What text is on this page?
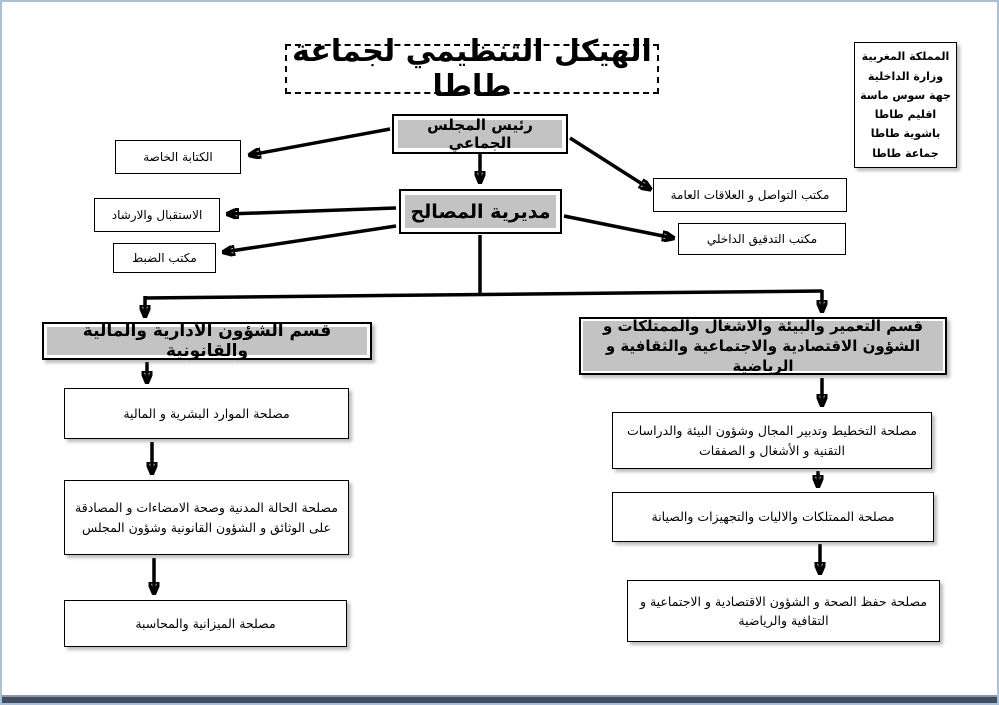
الهيكل التنظيمي لجماعة طاطا
المملكة المغربية
وزارة الداخلية
جهة سوس ماسة
اقليم طاطا
باشوية طاطا
جماعة طاطا
رئيس المجلس الجماعي
الكتابة الخاصة
مديرية المصالح
الاستقبال والارشاد
مكتب الضبط
مكتب التواصل و العلاقات العامة
مكتب التدقيق الداخلي
قسم الشؤون الادارية والمالية والقانونية
قسم التعمير والبيئة والاشغال والممتلكات و الشؤون الاقتصادية والاجتماعية والثقافية و الرياضية
مصلحة الموارد البشرية و المالية
مصلحة الحالة المدنية وصحة الامضاءات و المصادقة على الوثائق و الشؤون القانونية وشؤون المجلس
مصلحة الميزانية والمحاسبة
مصلحة التخطيط وتدبير المجال وشؤون البيئة والدراسات التقنية و الأشغال و الصفقات
مصلحة الممتلكات والاليات والتجهيزات والصيانة
مصلحة حفظ الصحة و الشؤون الاقتصادية و الاجتماعية و التقافية والرياضية
